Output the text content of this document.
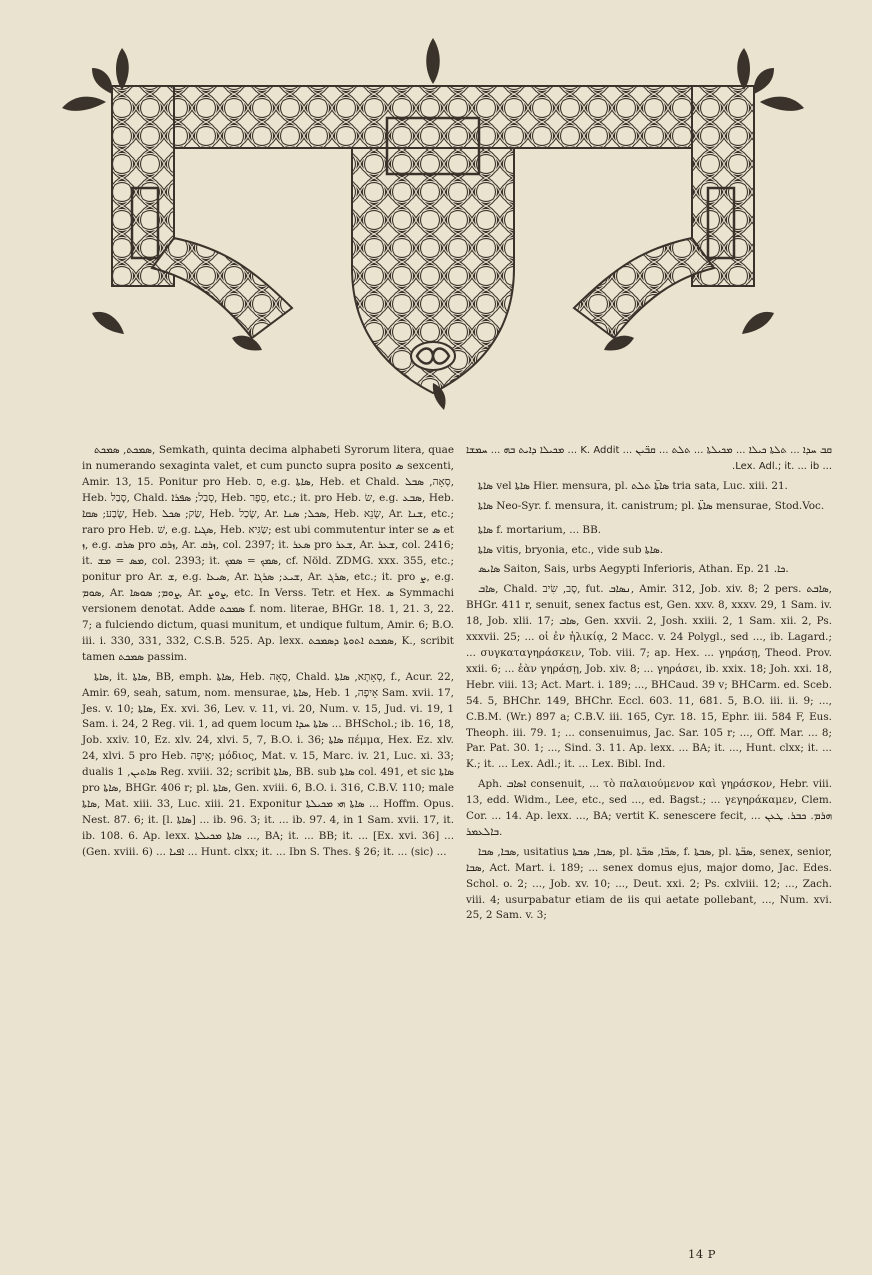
ܣܡܟܬ, ܣܡܟܬ, Semkath, quinta decima alphabeti Syrorum litera, quae in numerando sexaginta valet, et cum puncto supra posito ܣ sexcenti, Amir. 13, 15. Ponitur pro Heb. ס, e.g. ܣܐܬܐ, Heb. et Chald. סְאָה, ܣܒܠ, Heb. סָבַל, Chald. סְבַל; ܣܦܪܐ, Heb. סֵפֶר, etc.; it. pro Heb. שׂ, e.g. ܣܒܥ, Heb. שָׂבַע; ܣܩܐ, Heb. שַׂק; ܣܟܠ, Heb. שָׂכַל, Ar. ܣܟܠ; ܣܢܐ, Heb. שָׂנֵא, Ar. ܫܢܐ, etc.; raro pro Heb. שׁ, e.g. ܣܓܝܐ, Heb. שַׂגִּיא; est ubi commutentur inter se ܣ et ܙ, e.g. ܣܪܩ pro ܙܪܩ, Ar. ܙܪܩ, col. 2397; it. ܣܥܪ pro ܫܥܪ, Ar. ܫܥܪ, col. 2416; it. ܡܣ = ܡܫ, col. 2393; it. ܣܡܟ = ܣܡܟ, cf. Nöld. ZDMG. xxx. 355, etc.; ponitur pro Ar. ܫ, e.g. ܣܝܥܐ, Ar. ܫܝܥ; ܣܪܓܐ, Ar. ܣܪܓ, etc.; it. pro ܨ, e.g. ܣܘܡ, Ar. ܨܘܡ; ܣܘܣܐ, Ar. ܨܘܨ, etc. In Verss. Tetr. et Hex. ܣ Symmachi versionem denotat. Adde ܣܡܟܬ f. nom. literae, BHGr. 18. 1, 21. 3, 22. 7; a fulciendo dictum, quasi munitum, et undique fultum, Amir. 6; B.O. iii. i. 330, 331, 332, C.S.B. 525. Ap. lexx. ܣܡܟܬ ܐܬܘܬܐ ܕܣܡܟܬ, K., scribit tamen ܣܡܟܬ passim.

ܣܐܬܐ, it. ܣܐܬܐ, BB, emph. ܣܐܬܐ, Heb. סְאָה, Chald. סְאָתָא, ܣܐܬܐ, f., Acur. 22, Amir. 69, seah, satum, nom. mensurae, ܣܐܬܐ, Heb. אֵיפָה, 1 Sam. xvii. 17, Jes. v. 10; ܣܐܬܐ, Ex. xvi. 36, Lev. v. 11, vi. 20, Num. v. 15, Jud. vi. 19, 1 Sam. i. 24, 2 Reg. vii. 1, ad quem locum ܣܐܬܐ ܚܕܐ ... BHSchol.; ib. 16, 18, Job. xxiv. 10, Ez. xlv. 24, xlvi. 5, 7, B.O. i. 36; ܣܐܬܐ πέμμα, Hex. Ez. xlv. 24, xlvi. 5 pro Heb. אֵיפָה; μόδιος, Mat. v. 15, Marc. iv. 21, Luc. xi. 33; dualis ܣܐܬܝܢ, 1 Reg. xviii. 32; scribit ܣܐܬܐ, BB. sub ܣܐܬܐ col. 491, et sic ܣܐܬܐ pro ܣܐܬܐ, BHGr. 406 r; pl. ܣܐܬܐ, Gen. xviii. 6, B.O. i. 316, C.B.V. 110; male ܣܐܬܐ, Mat. xiii. 33, Luc. xiii. 21. Exponitur ܣܐܬܐ ܗܝ ܡܟܝܠܬܐ ... Hoffm. Opus. Nest. 87. 6; it. [l. ܣܐܬܐ] ... ib. 96. 3; it. ... ib. 97. 4, in 1 Sam. xvii. 17, it. ib. 108. 6. Ap. lexx. ܣܐܬܐ ܡܟܝܠܬܐ ..., BA; it. ... BB; it. ... [Ex. xvi. 36] ... (Gen. xviii. 6) ... ܐܦܝܐ ... Hunt. clxx; it. ... Ibn S. Thes. § 26; it. ... (sic) ...

ܩܒ ܚܕܐ ... ܬܠܬܐ ܟܝܠܐ ... ܡܟܝܠܬܐ ... ܬܠܬ ... ܩܒ̈ܝܢ ... K. Addit ... ܡܟܝܠܐ ܕܐܝܬ ܒܗ ... ܚܡܫܐ ... Lex. Adl.; it. ... ib.

ܣܐܬܐ vel ܣܐܬܐ Hier. mensura, pl. ܣܐܬ̈ܐ ܬܠܬ tria sata, Luc. xiii. 21.

ܣܐܬܐ Neo-Syr. f. mensura, it. canistrum; pl. ܣܐܬ̈ܐ mensurae, Stod.Voc.

ܣܐܬܐ f. mortarium, ... BB.

ܣܐܬܐ vitis, bryonia, etc., vide sub ܣܐܬܐ.

ܣܐܝܣ Saiton, Sais, urbs Aegypti Inferioris, Athan. Ep. ܟܐ. 21.

ܣܐܒ, Chald. סָב, שִׂיב, fut. ܢܣܐܒ, Amir. 312, Job. xiv. 8; 2 pers. ܣܐܒܬ, BHGr. 411 r, senuit, senex factus est, Gen. xxv. 8, xxxv. 29, 1 Sam. iv. 18, Job. xlii. 17; ܣܐܒ, Gen. xxvii. 2, Josh. xxiii. 2, 1 Sam. xii. 2, Ps. xxxvii. 25; ... οἱ ἐν ἡλικίᾳ, 2 Macc. v. 24 Polygl., sed ..., ib. Lagard.; ... συγκαταγηράσκειν, Tob. viii. 7; ap. Hex. ... γηράσῃ, Theod. Prov. xxii. 6; ... ἐὰν γηράσῃ, Job. xiv. 8; ... γηράσει, ib. xxix. 18; Joh. xxi. 18, Hebr. viii. 13; Act. Mart. i. 189; ..., BHCaud. 39 v; BHCarm. ed. Sceb. 54. 5, BHChr. 149, BHChr. Eccl. 603. 11, 681. 5, B.O. iii. ii. 9; ..., C.B.M. (Wr.) 897 a; C.B.V. iii. 165, Cyr. 18. 15, Ephr. iii. 584 F, Eus. Theoph. iii. 79. 1; ... consenuimus, Jac. Sar. 105 r; ..., Off. Mar. ... 8; Par. Pat. 30. 1; ..., Sind. 3. 11. Ap. lexx. ... BA; it. ..., Hunt. clxx; it. ... K.; it. ... Lex. Adl.; it. ... Lex. Bibl. Ind.

Aph. ܐܣܐܒ consenuit, ... τὸ παλαιούμενον καὶ γηράσκον, Hebr. viii. 13, edd. Widm., Lee, etc., sed ..., ed. Bagst.; ... γεγηράκαμεν, Clem. Cor. ... 14. Ap. lexx. ..., BA; vertit K. senescere fecit, ... ܗܪܡ. ܟܒܪ. ܛܥܢ ܒܐܠܥܡܪ.

ܣܒܐ, ܣܒܐ, usitatius ܣܒܐ, ܣܒܬܐ, pl. ܣܒ̈ܐ, ܣܒ̈ܬܐ, f. ܣܒܬܐ, pl. ܣܒ̈ܬܐ, senex, senior, ܣܒܐ, Act. Mart. i. 189; ... senex domus ejus, major domo, Jac. Edes. Schol. o. 2; ..., Job. xv. 10; ..., Deut. xxi. 2; Ps. cxlviii. 12; ..., Zach. viii. 4; usurpabatur etiam de iis qui aetate pollebant, ..., Num. xvi. 25, 2 Sam. v. 3;

14 P
